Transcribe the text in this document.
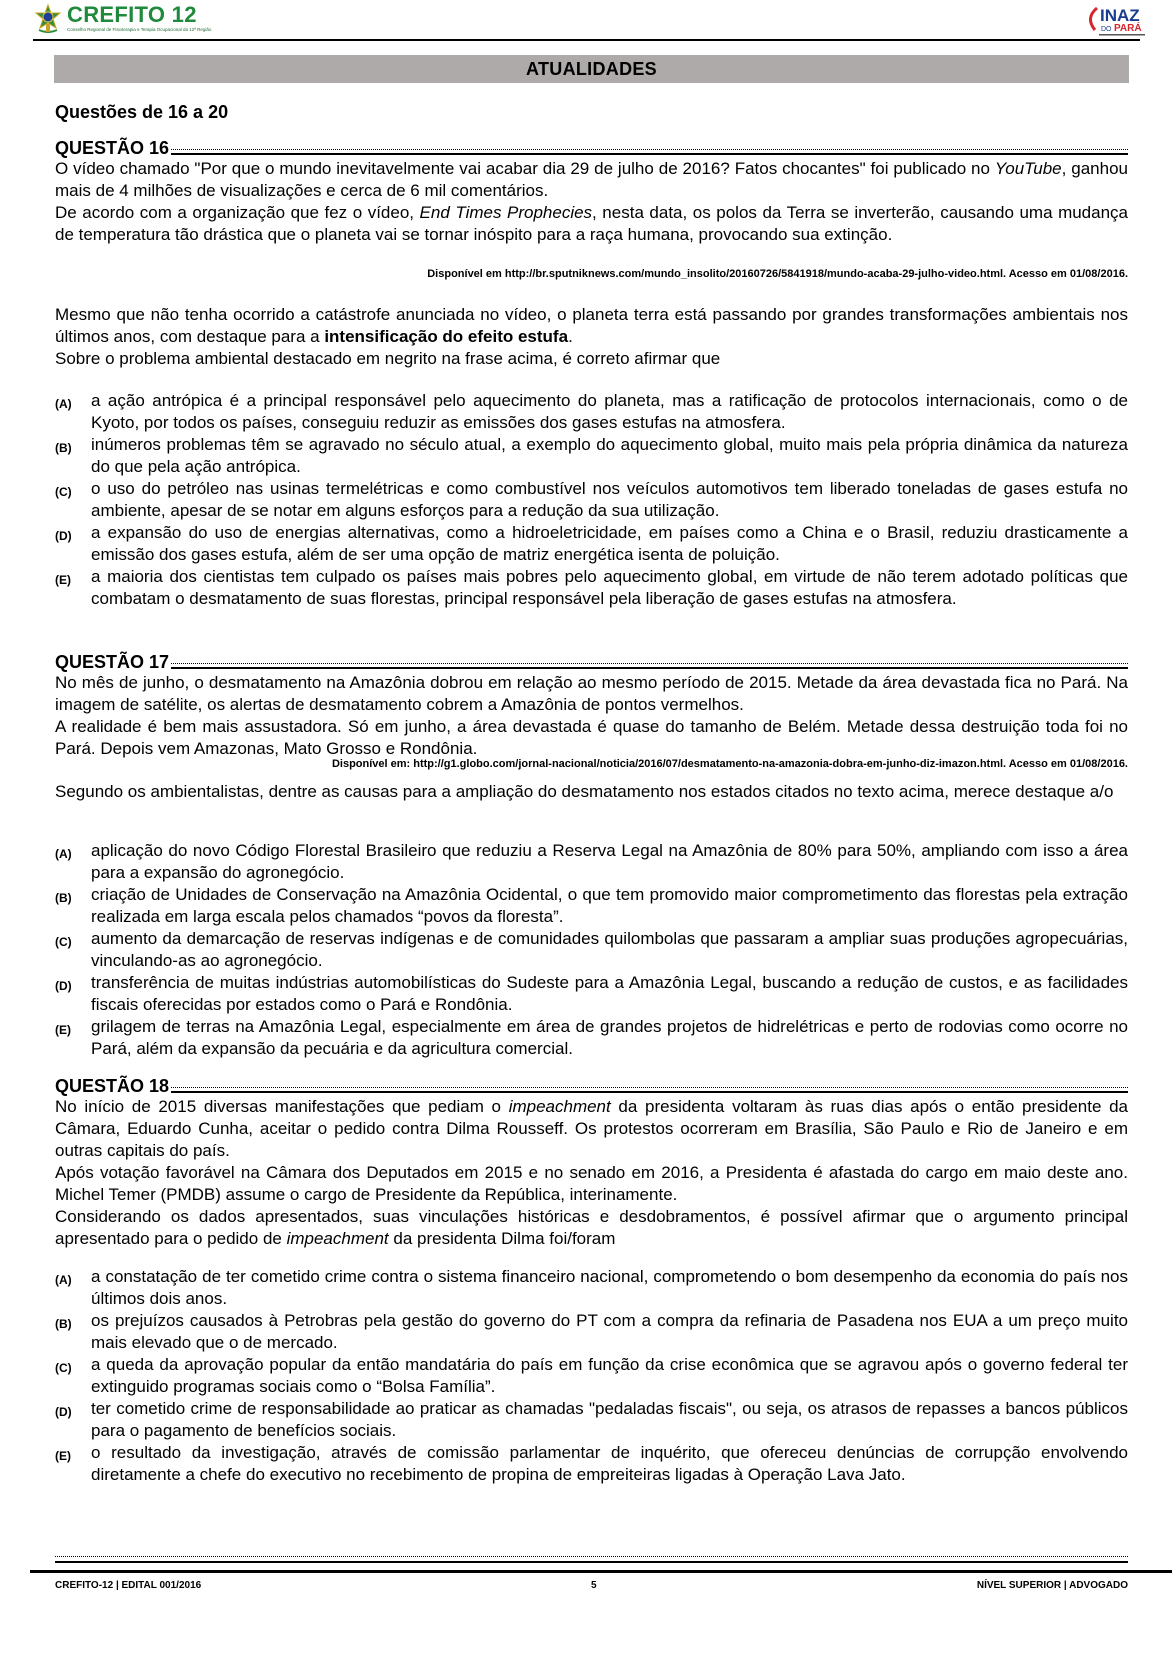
CREFITO 12
Conselho Regional de Fisioterapia e Terapia Ocupacional da 12ª Região
INAZ
DO PARÁ
ATUALIDADES
Questões de 16 a 20
QUESTÃO 16
O vídeo chamado "Por que o mundo inevitavelmente vai acabar dia 29 de julho de 2016? Fatos chocantes" foi publicado no YouTube, ganhou mais de 4 milhões de visualizações e cerca de 6 mil comentários.
De acordo com a organização que fez o vídeo, End Times Prophecies, nesta data, os polos da Terra se inverterão, causando uma mudança de temperatura tão drástica que o planeta vai se tornar inóspito para a raça humana, provocando sua extinção.
Disponível em http://br.sputniknews.com/mundo_insolito/20160726/5841918/mundo-acaba-29-julho-video.html. Acesso em 01/08/2016.
Mesmo que não tenha ocorrido a catástrofe anunciada no vídeo, o planeta terra está passando por grandes transformações ambientais nos últimos anos, com destaque para a intensificação do efeito estufa.
Sobre o problema ambiental destacado em negrito na frase acima, é correto afirmar que
(A)	a ação antrópica é a principal responsável pelo aquecimento do planeta, mas a ratificação de protocolos internacionais, como o de Kyoto, por todos os países, conseguiu reduzir as emissões dos gases estufas na atmosfera.
(B)	inúmeros problemas têm se agravado no século atual, a exemplo do aquecimento global, muito mais pela própria dinâmica da natureza do que pela ação antrópica.
(C)	o uso do petróleo nas usinas termelétricas e como combustível nos veículos automotivos tem liberado toneladas de gases estufa no ambiente, apesar de se notar em alguns esforços para a redução da sua utilização.
(D)	a expansão do uso de energias alternativas, como a hidroeletricidade, em países como a China e o Brasil, reduziu drasticamente a emissão dos gases estufa, além de ser uma opção de matriz energética isenta de poluição.
(E)	a maioria dos cientistas tem culpado os países mais pobres pelo aquecimento global, em virtude de não terem adotado políticas que combatam o desmatamento de suas florestas, principal responsável pela liberação de gases estufas na atmosfera.
QUESTÃO 17
No mês de junho, o desmatamento na Amazônia dobrou em relação ao mesmo período de 2015. Metade da área devastada fica no Pará. Na imagem de satélite, os alertas de desmatamento cobrem a Amazônia de pontos vermelhos.
A realidade é bem mais assustadora. Só em junho, a área devastada é quase do tamanho de Belém. Metade dessa destruição toda foi no Pará. Depois vem Amazonas, Mato Grosso e Rondônia.
Disponível em: http://g1.globo.com/jornal-nacional/noticia/2016/07/desmatamento-na-amazonia-dobra-em-junho-diz-imazon.html. Acesso em 01/08/2016.
Segundo os ambientalistas, dentre as causas para a ampliação do desmatamento nos estados citados no texto acima, merece destaque a/o
(A)	aplicação do novo Código Florestal Brasileiro que reduziu a Reserva Legal na Amazônia de 80% para 50%, ampliando com isso a área para a expansão do agronegócio.
(B)	criação de Unidades de Conservação na Amazônia Ocidental, o que tem promovido maior comprometimento das florestas pela extração realizada em larga escala pelos chamados “povos da floresta”.
(C)	aumento da demarcação de reservas indígenas e de comunidades quilombolas que passaram a ampliar suas produções agropecuárias, vinculando-as ao agronegócio.
(D)	transferência de muitas indústrias automobilísticas do Sudeste para a Amazônia Legal, buscando a redução de custos, e as facilidades fiscais oferecidas por estados como o Pará e Rondônia.
(E)	grilagem de terras na Amazônia Legal, especialmente em área de grandes projetos de hidrelétricas e perto de rodovias como ocorre no Pará, além da expansão da pecuária e da agricultura comercial.
QUESTÃO 18
No início de 2015 diversas manifestações que pediam o impeachment da presidenta voltaram às ruas dias após o então presidente da Câmara, Eduardo Cunha, aceitar o pedido contra Dilma Rousseff. Os protestos ocorreram em Brasília, São Paulo e Rio de Janeiro e em outras capitais do país.
Após votação favorável na Câmara dos Deputados em 2015 e no senado em 2016, a Presidenta é afastada do cargo em maio deste ano. Michel Temer (PMDB) assume o cargo de Presidente da República, interinamente.
Considerando os dados apresentados, suas vinculações históricas e desdobramentos, é possível afirmar que o argumento principal apresentado para o pedido de impeachment da presidenta Dilma foi/foram
(A)	a constatação de ter cometido crime contra o sistema financeiro nacional, comprometendo o bom desempenho da economia do país nos últimos dois anos.
(B)	os prejuízos causados à Petrobras pela gestão do governo do PT com a compra da refinaria de Pasadena nos EUA a um preço muito mais elevado que o de mercado.
(C)	a queda da aprovação popular da então mandatária do país em função da crise econômica que se agravou após o governo federal ter extinguido programas sociais como o “Bolsa Família”.
(D)	ter cometido crime de responsabilidade ao praticar as chamadas "pedaladas fiscais", ou seja, os atrasos de repasses a bancos públicos para o pagamento de benefícios sociais.
(E)	o resultado da investigação, através de comissão parlamentar de inquérito, que ofereceu denúncias de corrupção envolvendo diretamente a chefe do executivo no recebimento de propina de empreiteiras ligadas à Operação Lava Jato.
CREFITO-12 | EDITAL 001/2016	5	NÍVEL SUPERIOR | ADVOGADO
